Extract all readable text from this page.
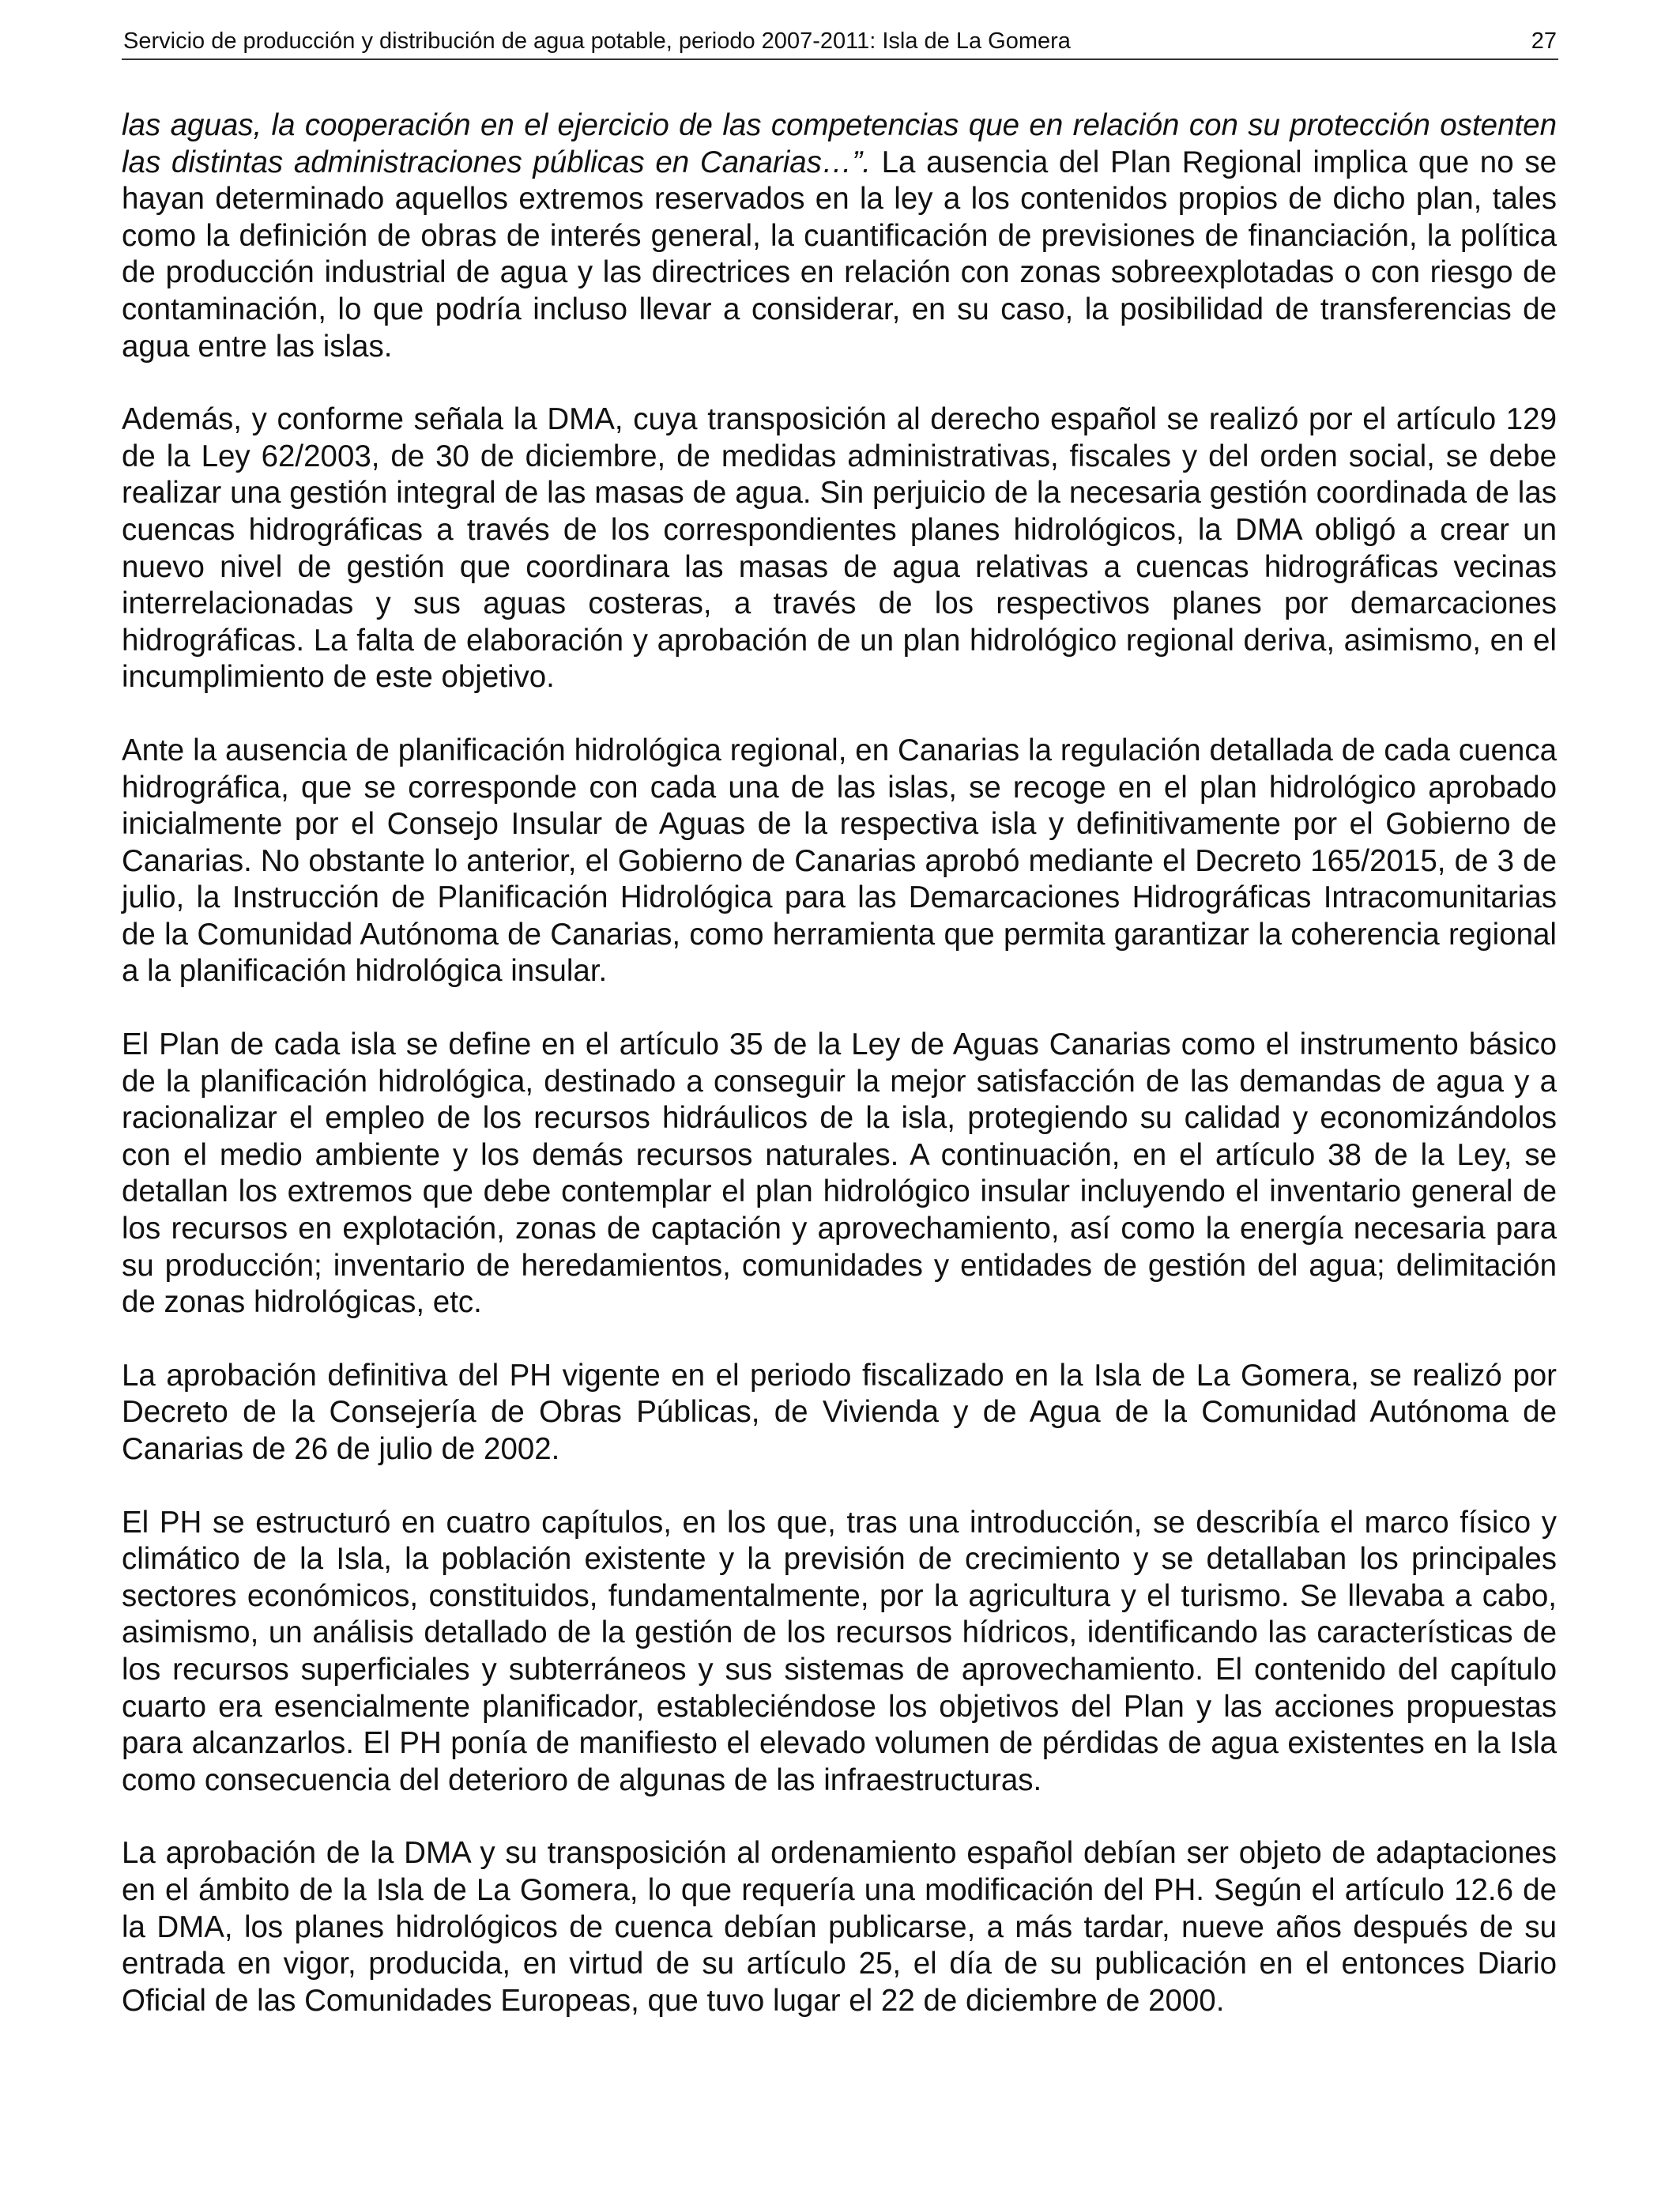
Servicio de producción y distribución de agua potable, periodo 2007-2011: Isla de La Gomera	27

las aguas, la cooperación en el ejercicio de las competencias que en relación con su protección ostenten las distintas administraciones públicas en Canarias…”. La ausencia del Plan Regional implica que no se hayan determinado aquellos extremos reservados en la ley a los contenidos propios de dicho plan, tales como la definición de obras de interés general, la cuantificación de previsiones de financiación, la política de producción industrial de agua y las directrices en relación con zonas sobreexplotadas o con riesgo de contaminación, lo que podría incluso llevar a considerar, en su caso, la posibilidad de transferencias de agua entre las islas.

Además, y conforme señala la DMA, cuya transposición al derecho español se realizó por el artículo 129 de la Ley 62/2003, de 30 de diciembre, de medidas administrativas, fiscales y del orden social, se debe realizar una gestión integral de las masas de agua. Sin perjuicio de la necesaria gestión coordinada de las cuencas hidrográficas a través de los correspondientes planes hidrológicos, la DMA obligó a crear un nuevo nivel de gestión que coordinara las masas de agua relativas a cuencas hidrográficas vecinas interrelacionadas y sus aguas costeras, a través de los respectivos planes por demarcaciones hidrográficas. La falta de elaboración y aprobación de un plan hidrológico regional deriva, asimismo, en el incumplimiento de este objetivo.

Ante la ausencia de planificación hidrológica regional, en Canarias la regulación detallada de cada cuenca hidrográfica, que se corresponde con cada una de las islas, se recoge en el plan hidrológico aprobado inicialmente por el Consejo Insular de Aguas de la respectiva isla y definitivamente por el Gobierno de Canarias. No obstante lo anterior, el Gobierno de Canarias aprobó mediante el Decreto 165/2015, de 3 de julio, la Instrucción de Planificación Hidrológica para las Demarcaciones Hidrográficas Intracomunitarias de la Comunidad Autónoma de Canarias, como herramienta que permita garantizar la coherencia regional a la planificación hidrológica insular.

El Plan de cada isla se define en el artículo 35 de la Ley de Aguas Canarias como el instrumento básico de la planificación hidrológica, destinado a conseguir la mejor satisfacción de las demandas de agua y a racionalizar el empleo de los recursos hidráulicos de la isla, protegiendo su calidad y economizándolos con el medio ambiente y los demás recursos naturales. A continuación, en el artículo 38 de la Ley, se detallan los extremos que debe contemplar el plan hidrológico insular incluyendo el inventario general de los recursos en explotación, zonas de captación y aprovechamiento, así como la energía necesaria para su producción; inventario de heredamientos, comunidades y entidades de gestión del agua; delimitación de zonas hidrológicas, etc.

La aprobación definitiva del PH vigente en el periodo fiscalizado en la Isla de La Gomera, se realizó por Decreto de la Consejería de Obras Públicas, de Vivienda y de Agua de la Comunidad Autónoma de Canarias de 26 de julio de 2002.

El PH se estructuró en cuatro capítulos, en los que, tras una introducción, se describía el marco físico y climático de la Isla, la población existente y la previsión de crecimiento y se detallaban los principales sectores económicos, constituidos, fundamentalmente, por la agricultura y el turismo. Se llevaba a cabo, asimismo, un análisis detallado de la gestión de los recursos hídricos, identificando las características de los recursos superficiales y subterráneos y sus sistemas de aprovechamiento. El contenido del capítulo cuarto era esencialmente planificador, estableciéndose los objetivos del Plan y las acciones propuestas para alcanzarlos. El PH ponía de manifiesto el elevado volumen de pérdidas de agua existentes en la Isla como consecuencia del deterioro de algunas de las infraestructuras.

La aprobación de la DMA y su transposición al ordenamiento español debían ser objeto de adaptaciones en el ámbito de la Isla de La Gomera, lo que requería una modificación del PH. Según el artículo 12.6 de la DMA, los planes hidrológicos de cuenca debían publicarse, a más tardar, nueve años después de su entrada en vigor, producida, en virtud de su artículo 25, el día de su publicación en el entonces Diario Oficial de las Comunidades Europeas, que tuvo lugar el 22 de diciembre de 2000.
